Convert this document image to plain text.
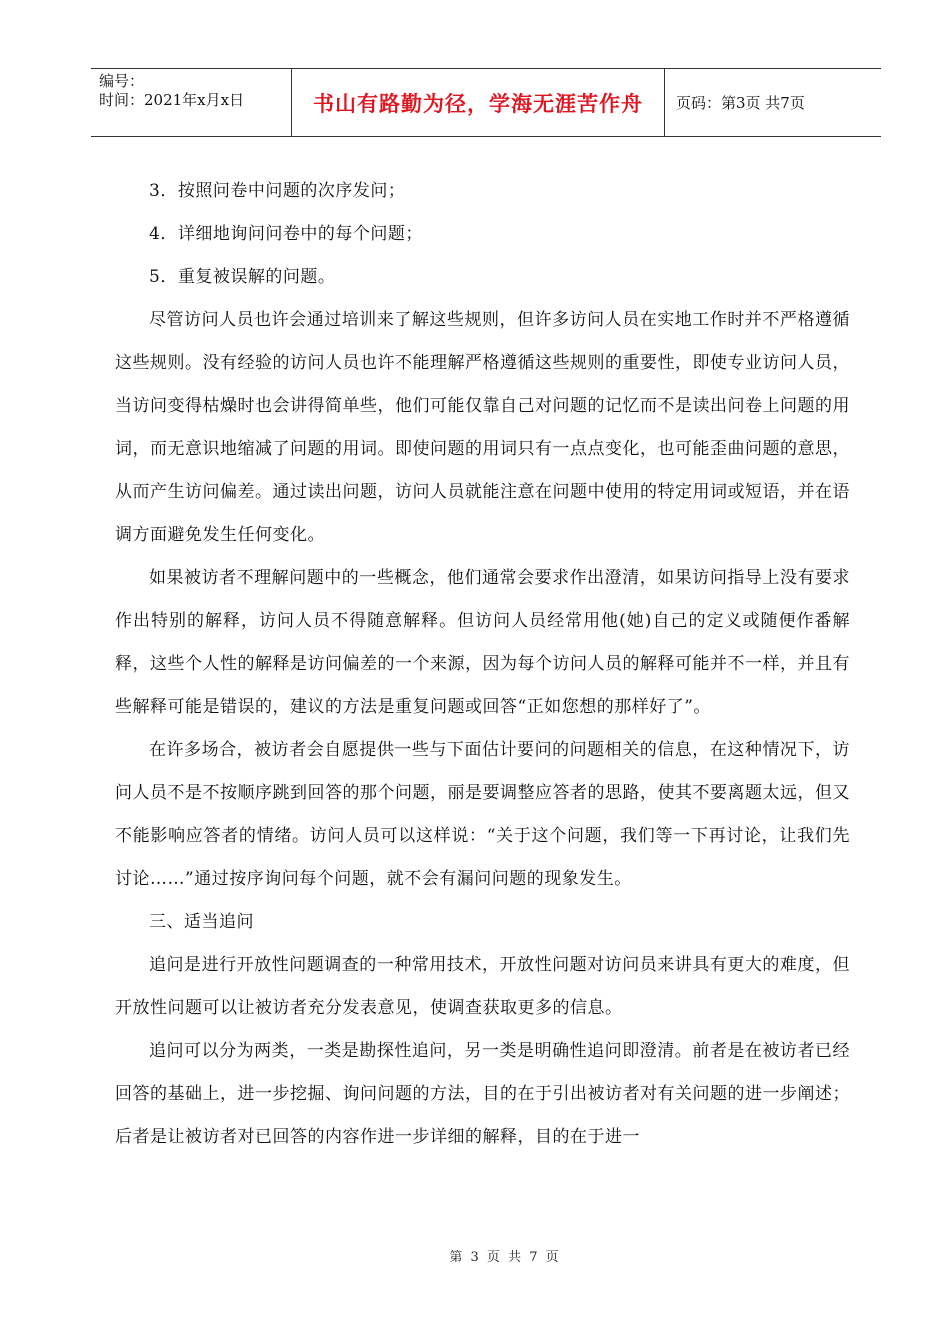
编号：
时间：2021年x月x日	书山有路勤为径，学海无涯苦作舟	页码：第3页 共7页

3．按照问卷中问题的次序发问；

4．详细地询问问卷中的每个问题；

5．重复被误解的问题。

尽管访问人员也许会通过培训来了解这些规则，但许多访问人员在实地工作时并不严格遵循这些规则。没有经验的访问人员也许不能理解严格遵循这些规则的重要性，即使专业访问人员，当访问变得枯燥时也会讲得简单些，他们可能仅靠自己对问题的记忆而不是读出问卷上问题的用词，而无意识地缩减了问题的用词。即使问题的用词只有一点点变化，也可能歪曲问题的意思，从而产生访问偏差。通过读出问题，访问人员就能注意在问题中使用的特定用词或短语，并在语调方面避免发生任何变化。

如果被访者不理解问题中的一些概念，他们通常会要求作出澄清，如果访问指导上没有要求作出特别的解释，访问人员不得随意解释。但访问人员经常用他(她)自己的定义或随便作番解释，这些个人性的解释是访问偏差的一个来源，因为每个访问人员的解释可能并不一样，并且有些解释可能是错误的，建议的方法是重复问题或回答“正如您想的那样好了”。

在许多场合，被访者会自愿提供一些与下面估计要问的问题相关的信息，在这种情况下，访问人员不是不按顺序跳到回答的那个问题，丽是要调整应答者的思路，使其不要离题太远，但又不能影响应答者的情绪。访问人员可以这样说：“关于这个问题，我们等一下再讨论，让我们先讨论……”通过按序询问每个问题，就不会有漏问问题的现象发生。

三、适当追问

追问是进行开放性问题调查的一种常用技术，开放性问题对访问员来讲具有更大的难度，但开放性问题可以让被访者充分发表意见，使调查获取更多的信息。

追问可以分为两类，一类是勘探性追问，另一类是明确性追问即澄清。前者是在被访者已经回答的基础上，进一步挖掘、询问问题的方法，目的在于引出被访者对有关问题的进一步阐述；后者是让被访者对已回答的内容作进一步详细的解释，目的在于进一

第 3 页 共 7 页
